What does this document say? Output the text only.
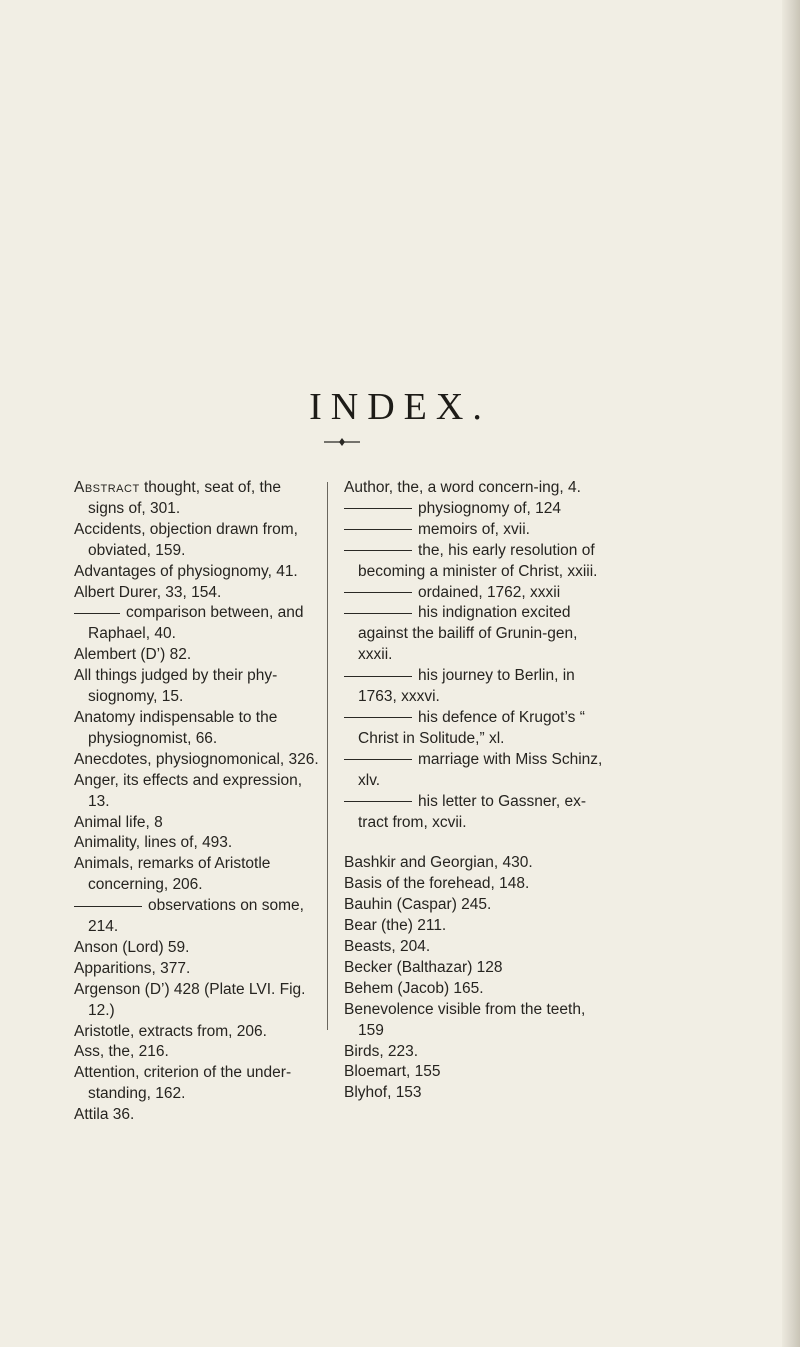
INDEX.

Abstract thought, seat of, the signs of, 301.

Accidents, objection drawn from, obviated, 159.

Advantages of physiognomy, 41.

Albert Durer, 33, 154.

comparison between, and Raphael, 40.

Alembert (D’) 82.

All things judged by their phy-siognomy, 15.

Anatomy indispensable to the physiognomist, 66.

Anecdotes, physiognomonical, 326.

Anger, its effects and expression, 13.

Animal life, 8

Animality, lines of, 493.

Animals, remarks of Aristotle concerning, 206.

observations on some, 214.

Anson (Lord) 59.

Apparitions, 377.

Argenson (D’) 428 (Plate LVI. Fig. 12.)

Aristotle, extracts from, 206.

Ass, the, 216.

Attention, criterion of the under-standing, 162.

Attila 36.

Author, the, a word concern-ing, 4.

physiognomy of, 124

memoirs of, xvii.

the, his early resolution of becoming a minister of Christ, xxiii.

ordained, 1762, xxxii

his indignation excited against the bailiff of Grunin-gen, xxxii.

his journey to Berlin, in 1763, xxxvi.

his defence of Krugot’s “ Christ in Solitude,” xl.

marriage with Miss Schinz, xlv.

his letter to Gassner, ex-tract from, xcvii.

Bashkir and Georgian, 430.

Basis of the forehead, 148.

Bauhin (Caspar) 245.

Bear (the) 211.

Beasts, 204.

Becker (Balthazar) 128

Behem (Jacob) 165.

Benevolence visible from the teeth, 159

Birds, 223.

Bloemart, 155

Blyhof, 153
